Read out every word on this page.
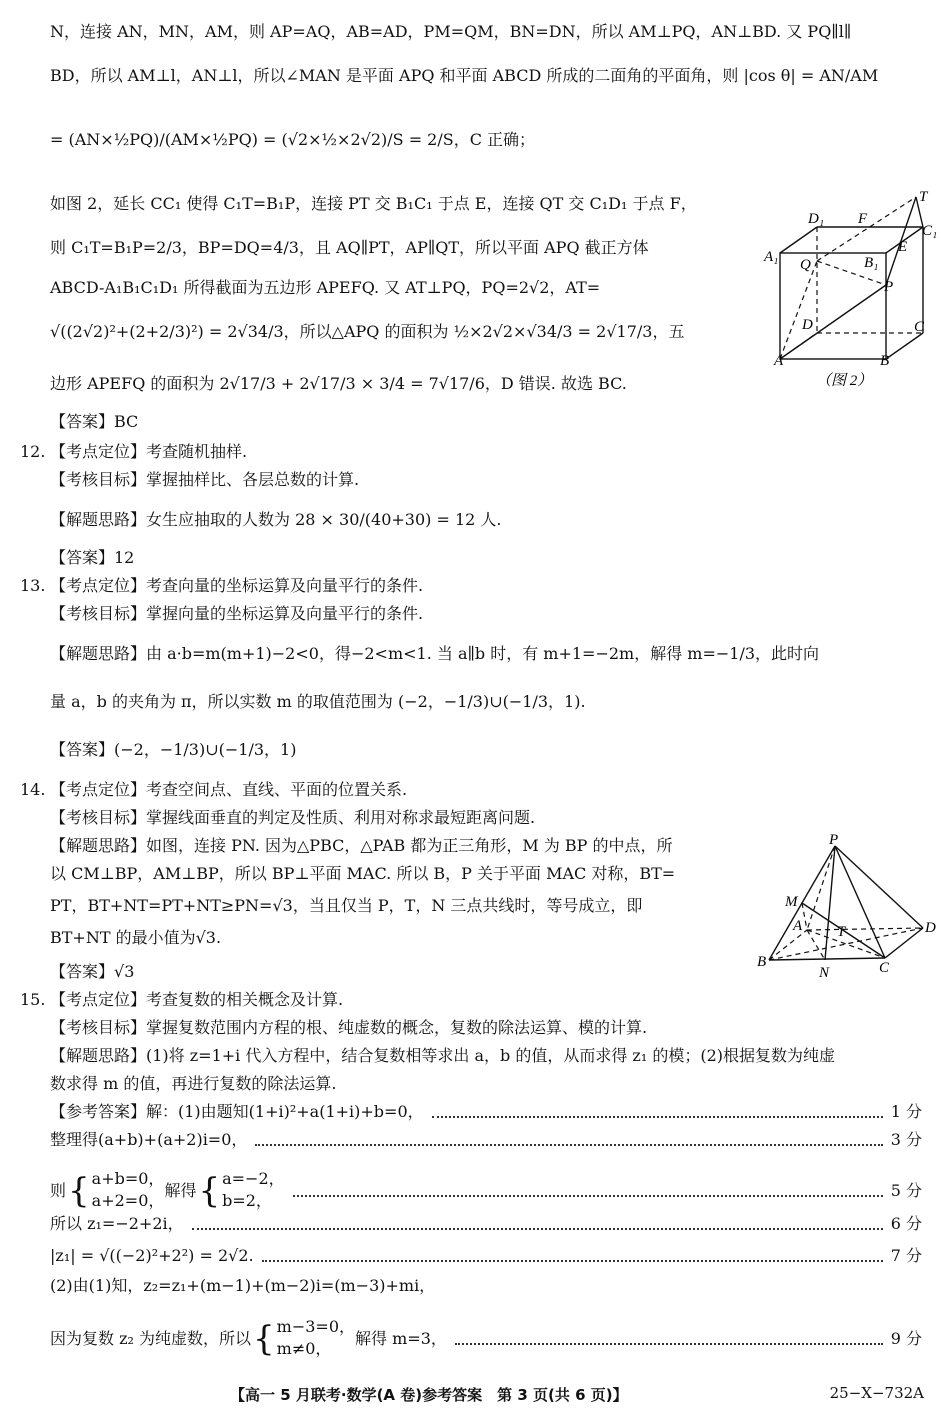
N，连接 AN，MN，AM，则 AP=AQ，AB=AD，PM=QM，BN=DN，所以 AM⊥PQ，AN⊥BD. 又 PQ∥l∥
BD，所以 AM⊥l，AN⊥l，所以∠MAN 是平面 APQ 和平面 ABCD 所成的二面角的平面角，则 |cos θ| = AN/AM
= (AN×½PQ)/(AM×½PQ) = (√2×½×2√2)/S = 2/S，C 正确；
如图 2，延长 CC₁ 使得 C₁T=B₁P，连接 PT 交 B₁C₁ 于点 E，连接 QT 交 C₁D₁ 于点 F，
则 C₁T=B₁P=2/3，BP=DQ=4/3，且 AQ∥PT，AP∥QT，所以平面 APQ 截正方体
ABCD-A₁B₁C₁D₁ 所得截面为五边形 APEFQ. 又 AT⊥PQ，PQ=2√2，AT=
√((2√2)²+(2+2/3)²) = 2√34/3，所以△APQ 的面积为 ½×2√2×√34/3 = 2√17/3，五
边形 APEFQ 的面积为 2√17/3 + 2√17/3 × 3/4 = 7√17/6，D 错误. 故选 BC.
【答案】BC
D₁ F
T
C₁
A₁ Q	B₁
E
P
D	C
A	B
（图 2）
12. 【考点定位】考查随机抽样.
【考核目标】掌握抽样比、各层总数的计算.
【解题思路】女生应抽取的人数为 28 × 30/(40+30) = 12 人.
【答案】12
13. 【考点定位】考查向量的坐标运算及向量平行的条件.
【考核目标】掌握向量的坐标运算及向量平行的条件.
【解题思路】由 a·b=m(m+1)−2<0，得−2<m<1. 当 a∥b 时，有 m+1=−2m，解得 m=−1/3，此时向
量 a，b 的夹角为 π，所以实数 m 的取值范围为 (−2，−1/3)∪(−1/3，1).
【答案】(−2，−1/3)∪(−1/3，1)
14. 【考点定位】考查空间点、直线、平面的位置关系.
【考核目标】掌握线面垂直的判定及性质、利用对称求最短距离问题.
【解题思路】如图，连接 PN. 因为△PBC，△PAB 都为正三角形，M 为 BP 的中点，所
以 CM⊥BP，AM⊥BP，所以 BP⊥平面 MAC. 所以 B，P 关于平面 MAC 对称，BT=
PT，BT+NT=PT+NT≥PN=√3，当且仅当 P，T，N 三点共线时，等号成立，即
BT+NT 的最小值为√3.
【答案】√3
P
M
A T	D
B
N	C
15. 【考点定位】考查复数的相关概念及计算.
【考核目标】掌握复数范围内方程的根、纯虚数的概念，复数的除法运算、模的计算.
【解题思路】(1)将 z=1+i 代入方程中，结合复数相等求出 a，b 的值，从而求得 z₁ 的模；(2)根据复数为纯虚
数求得 m 的值，再进行复数的除法运算.
【参考答案】解：(1)由题知(1+i)²+a(1+i)+b=0，	1 分
整理得(a+b)+(a+2)i=0，	3 分
则 { a+b=0，
a+2=0，
解得 { a=−2，
b=2，
5 分
所以 z₁=−2+2i，	6 分
|z₁| = √((−2)²+2²) = 2√2.	7 分
(2)由(1)知，z₂=z₁+(m−1)+(m−2)i=(m−3)+mi，
因为复数 z₂ 为纯虚数，所以 { m−3=0，
m≠0，
解得 m=3，	9 分
【高一 5 月联考·数学(A 卷)参考答案　第 3 页(共 6 页)】	25−X−732A
